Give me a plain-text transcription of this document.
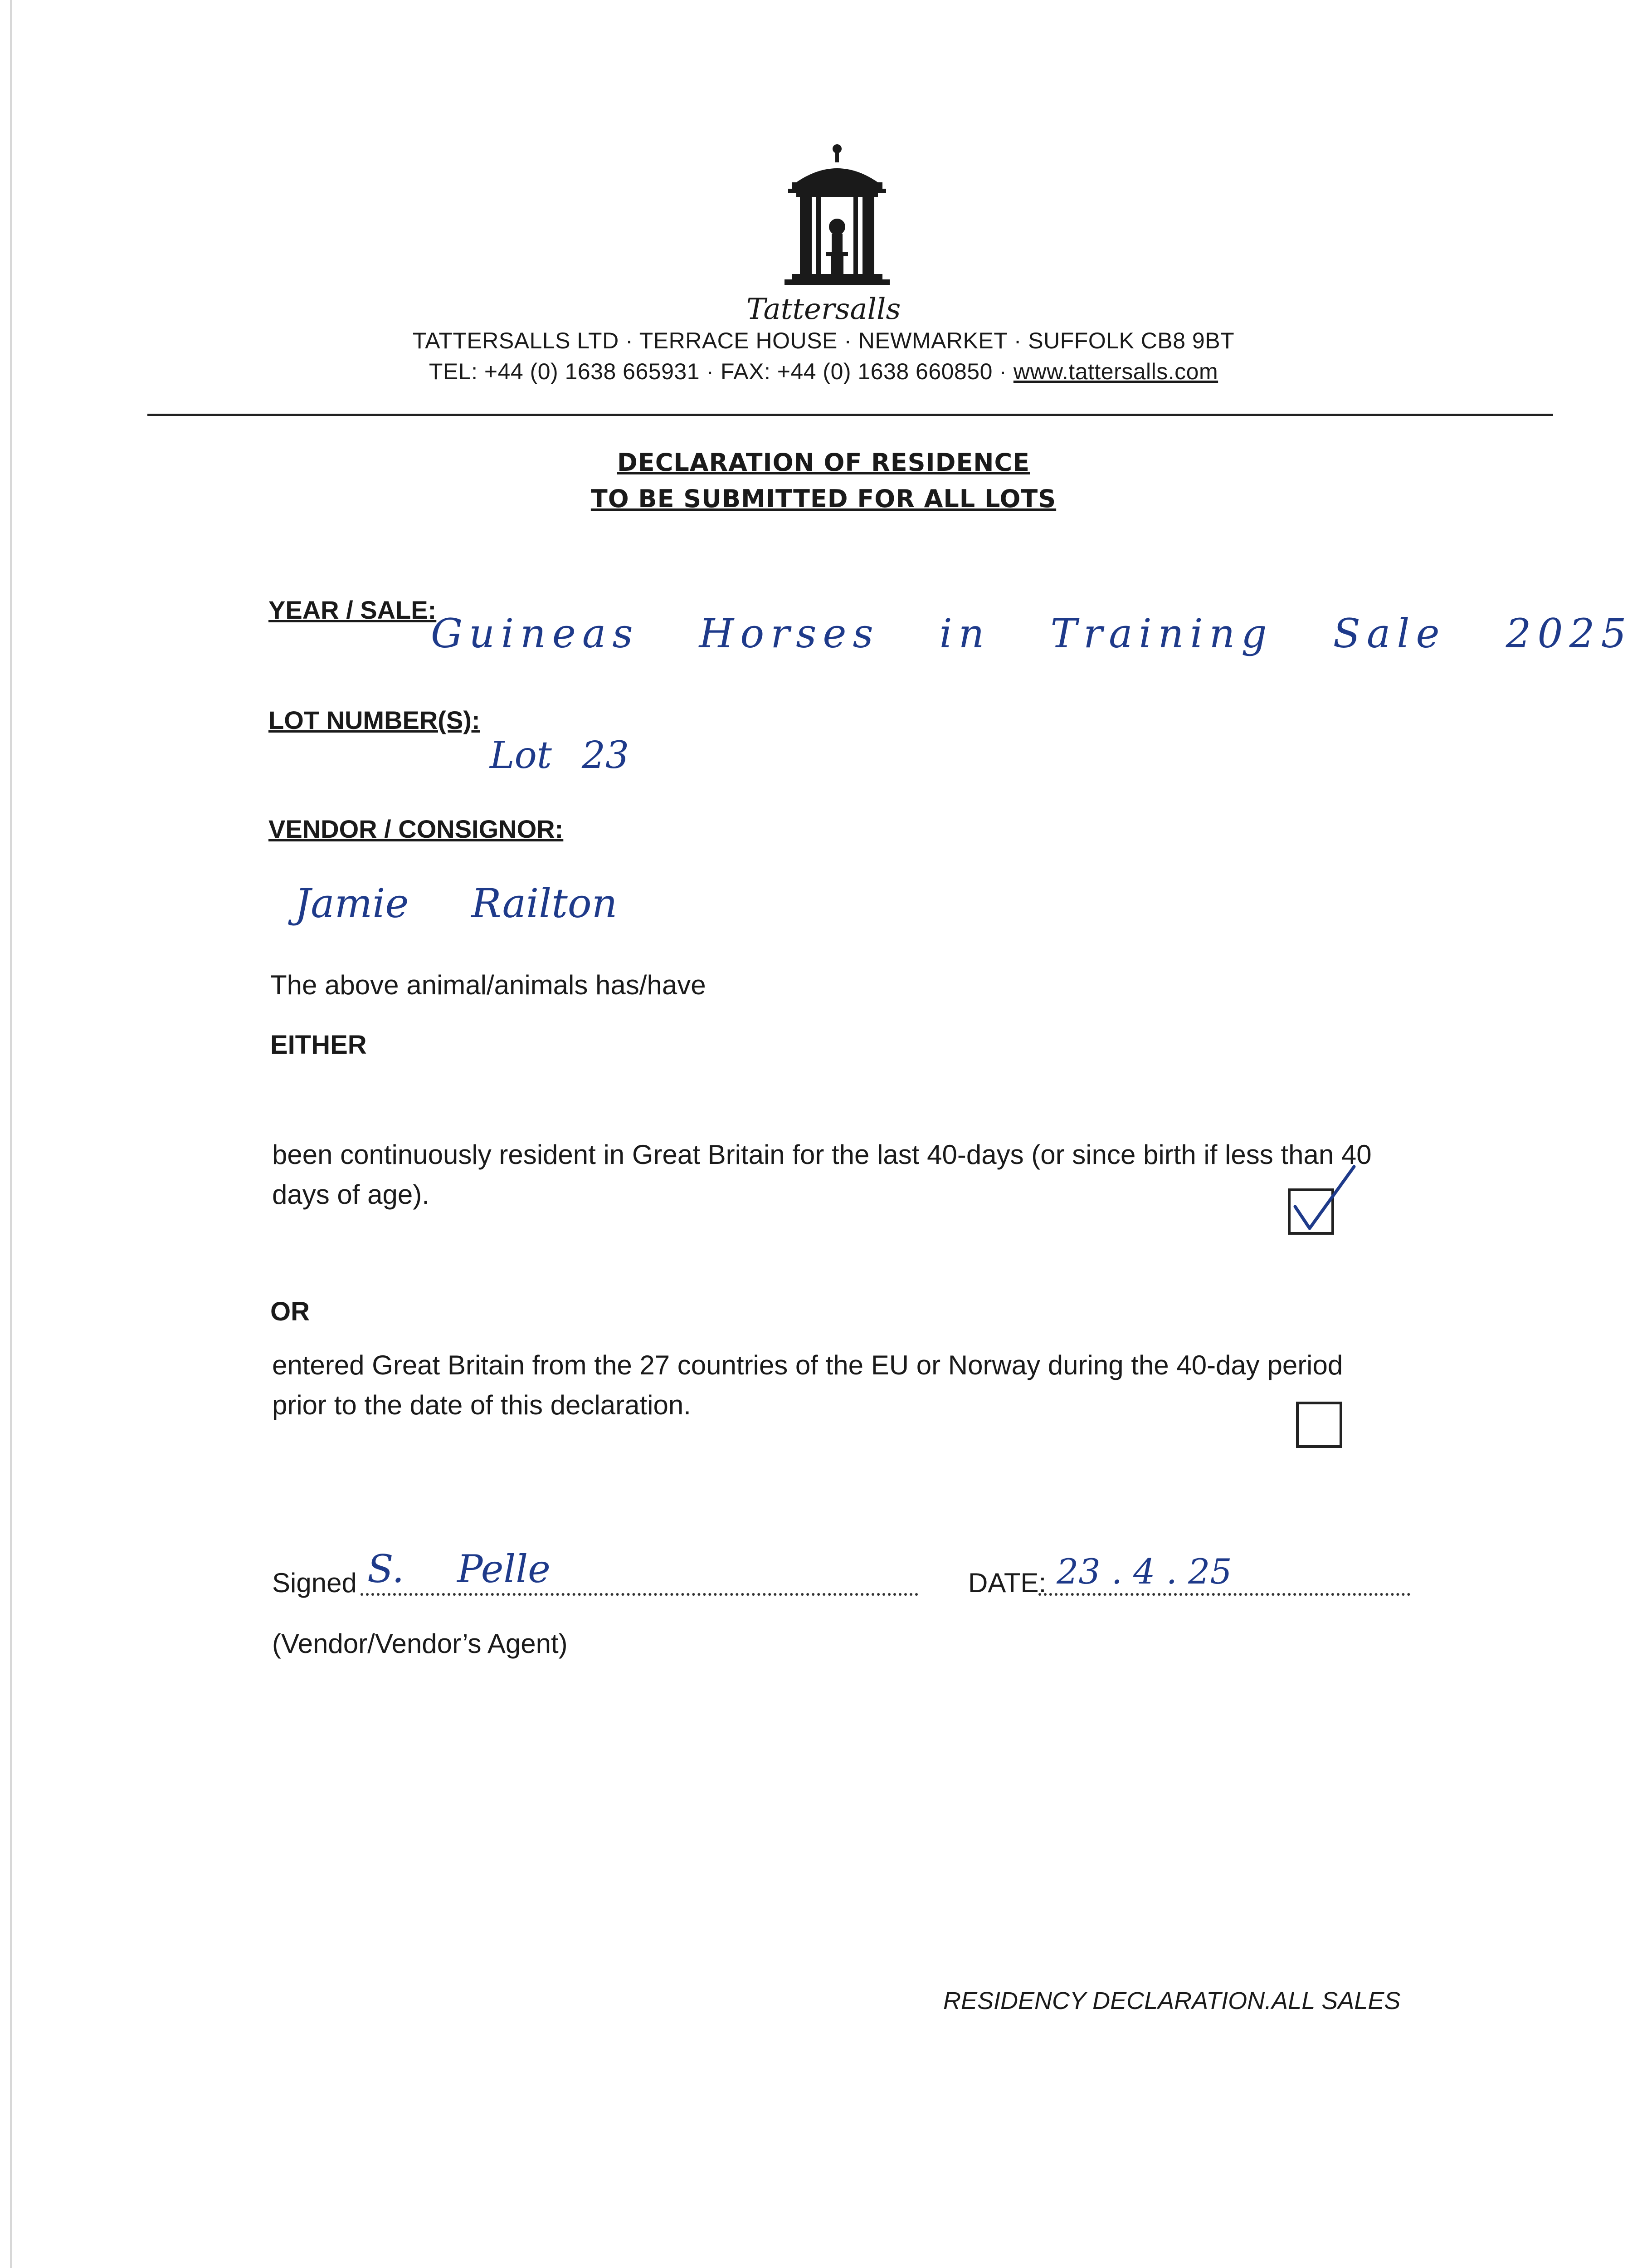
Tattersalls
TATTERSALLS LTD · TERRACE HOUSE · NEWMARKET · SUFFOLK CB8 9BT
TEL: +44 (0) 1638 665931 · FAX: +44 (0) 1638 660850 · www.tattersalls.com
DECLARATION OF RESIDENCE
TO BE SUBMITTED FOR ALL LOTS
YEAR / SALE:
Guineas Horses in Training Sale 2025
LOT NUMBER(S):
Lot 23
VENDOR / CONSIGNOR:
Jamie Railton
The above animal/animals has/have
EITHER
been continuously resident in Great Britain for the last 40-days (or since birth if less than 40
days of age).
OR
entered Great Britain from the 27 countries of the EU or Norway during the 40-day period
prior to the date of this declaration.
Signed S. Pelle	DATE: 23 . 4 . 25
(Vendor/Vendor’s Agent)
RESIDENCY DECLARATION.ALL SALES
